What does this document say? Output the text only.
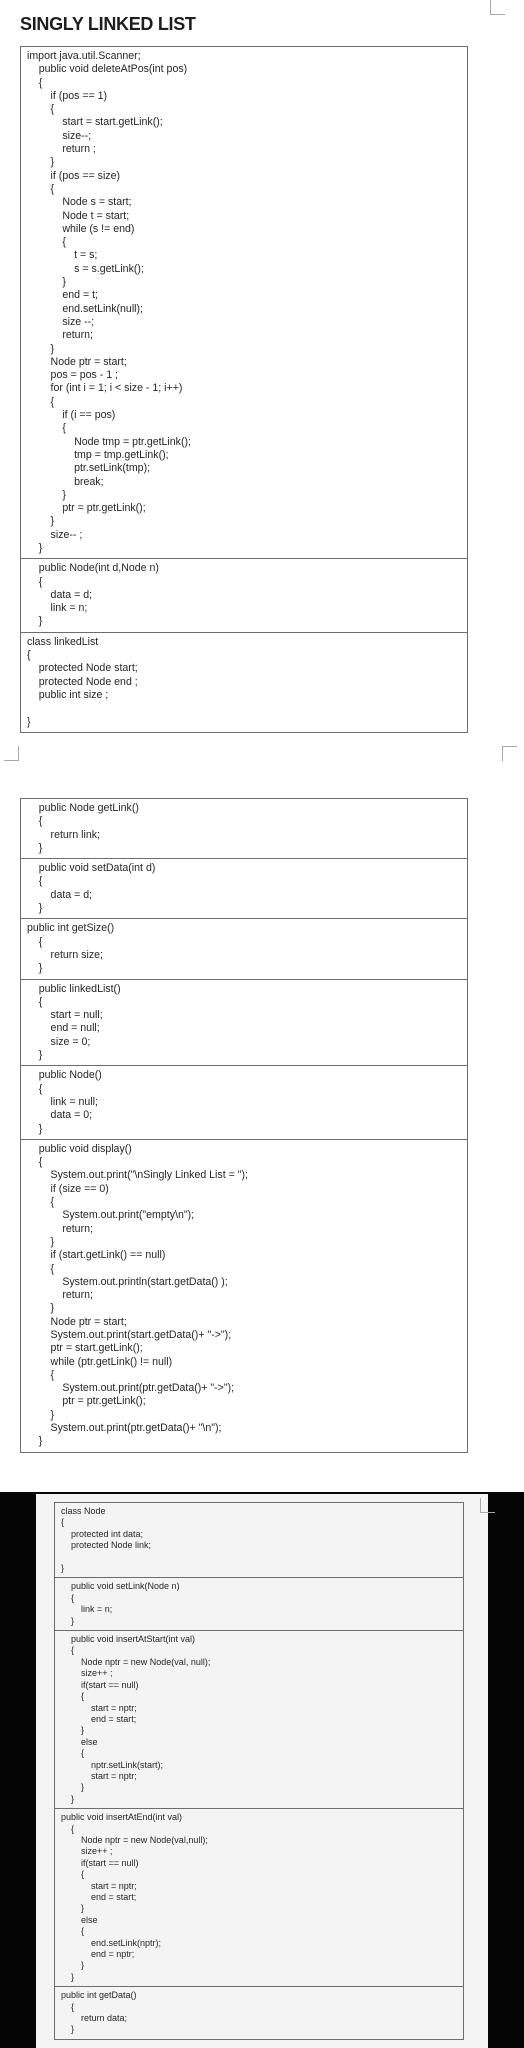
SINGLY LINKED LIST
import java.util.Scanner;
public void deleteAtPos(int pos)
{
if (pos == 1)
{
start = start.getLink();
size--;
return ;
}
if (pos == size)
{
Node s = start;
Node t = start;
while (s != end)
{
t = s;
s = s.getLink();
}
end = t;
end.setLink(null);
size --;
return;
}
Node ptr = start;
pos = pos - 1 ;
for (int i = 1; i < size - 1; i++)
{
if (i == pos)
{
Node tmp = ptr.getLink();
tmp = tmp.getLink();
ptr.setLink(tmp);
break;
}
ptr = ptr.getLink();
}
size-- ;
}
public Node(int d,Node n)
{
data = d;
link = n;
}
class linkedList
{
protected Node start;
protected Node end ;
public int size ;

}
public Node getLink()
{
return link;
}
public void setData(int d)
{
data = d;
}
public int getSize()
{
return size;
}
public linkedList()
{
start = null;
end = null;
size = 0;
}
public Node()
{
link = null;
data = 0;
}
public void display()
{
System.out.print("\nSingly Linked List = ");
if (size == 0)
{
System.out.print("empty\n");
return;
}
if (start.getLink() == null)
{
System.out.println(start.getData() );
return;
}
Node ptr = start;
System.out.print(start.getData()+ "->");
ptr = start.getLink();
while (ptr.getLink() != null)
{
System.out.print(ptr.getData()+ "->");
ptr = ptr.getLink();
}
System.out.print(ptr.getData()+ "\n");
}
class Node
{
protected int data;
protected Node link;

}
public void setLink(Node n)
{
link = n;
}
public void insertAtStart(int val)
{
Node nptr = new Node(val, null);
size++ ;
if(start == null)
{
start = nptr;
end = start;
}
else
{
nptr.setLink(start);
start = nptr;
}
}
public void insertAtEnd(int val)
{
Node nptr = new Node(val,null);
size++ ;
if(start == null)
{
start = nptr;
end = start;
}
else
{
end.setLink(nptr);
end = nptr;
}
}
public int getData()
{
return data;
}
